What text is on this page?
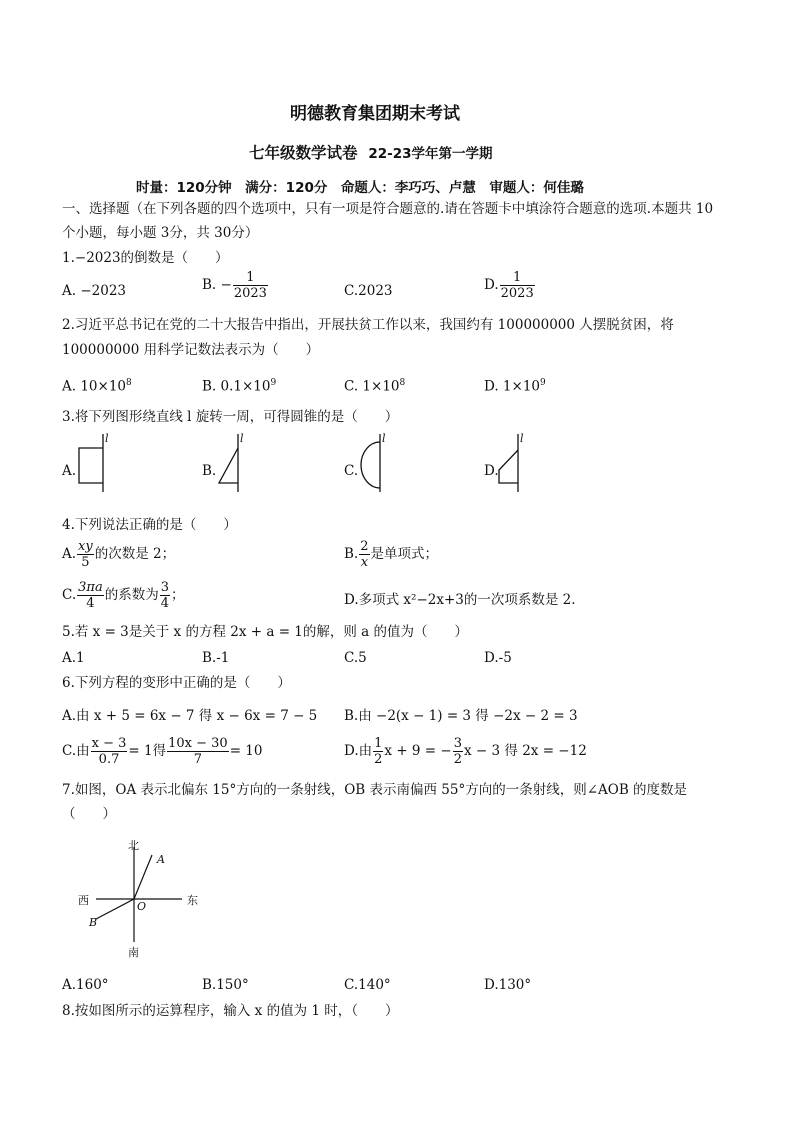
明德教育集团期末考试
七年级数学试卷 22-23学年第一学期
时量：120分钟　满分：120分　命题人：李巧巧、卢慧　审题人：何佳璐
一、选择题（在下列各题的四个选项中，只有一项是符合题意的.请在答题卡中填涂符合题意的选项.本题共 10
个小题，每小题 3分，共 30分）
1.−2023的倒数是（　　）
A. −2023	B. − $\frac{1}{2023}$	C.2023	D. $\frac{1}{2023}$
2.习近平总书记在党的二十大报告中指出，开展扶贫工作以来，我国约有 100000000 人摆脱贫困，将
100000000 用科学记数法表示为（　　）
A. $10\times 10^8$	B. $0.1\times 10^9$	C. $1\times 10^8$	D. $1\times 10^9$
3.将下列图形绕直线 l 旋转一周，可得圆锥的是（　　）
A.	B.	C.	D.
l	l	l	l
4.下列说法正确的是（　　）
A. $\frac{xy}{5}$ 的次数是 2；	B. $\frac{2}{x}$ 是单项式；
C. $\frac{3\pi a}{4}$ 的系数为 $\frac{3}{4}$ ；	D.多项式 x²−2x+3的一次项系数是 2.
5.若 x = 3是关于 x 的方程 2x + a = 1的解，则 a 的值为（　　）
A.1	B.-1	C.5	D.-5
6.下列方程的变形中正确的是（　　）
A.由 x + 5 = 6x − 7 得 x − 6x = 7 − 5 B.由 −2(x − 1) = 3 得 −2x − 2 = 3
C.由 $\frac{x - 3}{0.7} = 1$得 $\frac{10x - 30}{7} = 10$	D.由 $\frac{1}{2}$ x + 9 = − $\frac{3}{2}$ x − 3 得 2x = −12
7.如图，OA 表示北偏东 15°方向的一条射线，OB 表示南偏西 55°方向的一条射线，则∠AOB 的度数是
（　　）
北
南
西	东
A
B
O
A.160°	B.150°	C.140°	D.130°
8.按如图所示的运算程序，输入 x 的值为 1 时，（　　）
